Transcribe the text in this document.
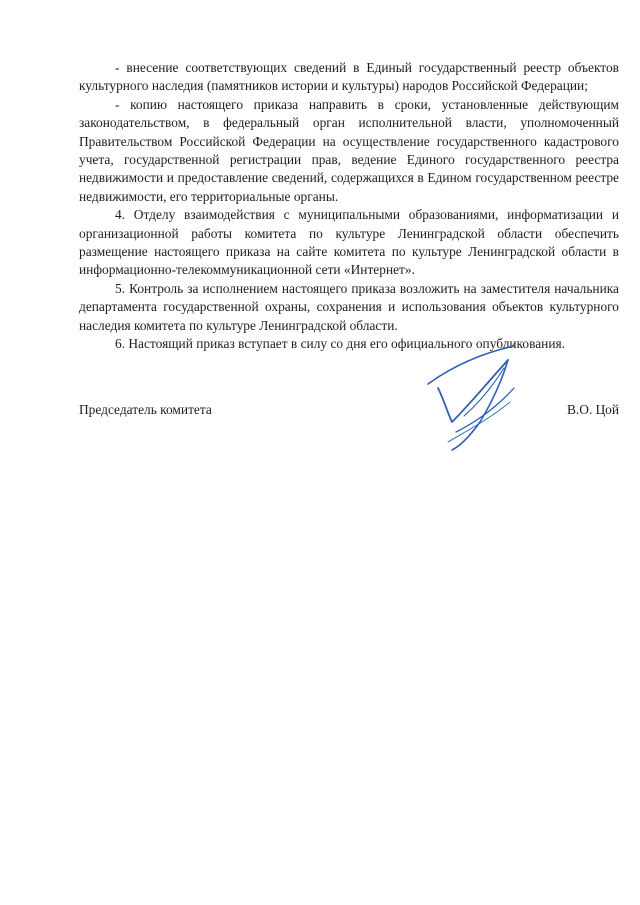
- внесение соответствующих сведений в Единый государственный реестр объектов культурного наследия (памятников истории и культуры) народов Российской Федерации;

- копию настоящего приказа направить в сроки, установленные действующим законодательством, в федеральный орган исполнительной власти, уполномоченный Правительством Российской Федерации на осуществление государственного кадастрового учета, государственной регистрации прав, ведение Единого государственного реестра недвижимости и предоставление сведений, содержащихся в Едином государственном реестре недвижимости, его территориальные органы.

4. Отделу взаимодействия с муниципальными образованиями, информатизации и организационной работы комитета по культуре Ленинградской области обеспечить размещение настоящего приказа на сайте комитета по культуре Ленинградской области в информационно-телекоммуникационной сети «Интернет».

5. Контроль за исполнением настоящего приказа возложить на заместителя начальника департамента государственной охраны, сохранения и использования объектов культурного наследия комитета по культуре Ленинградской области.

6. Настоящий приказ вступает в силу со дня его официального опубликования.

Председатель комитета	В.О. Цой
